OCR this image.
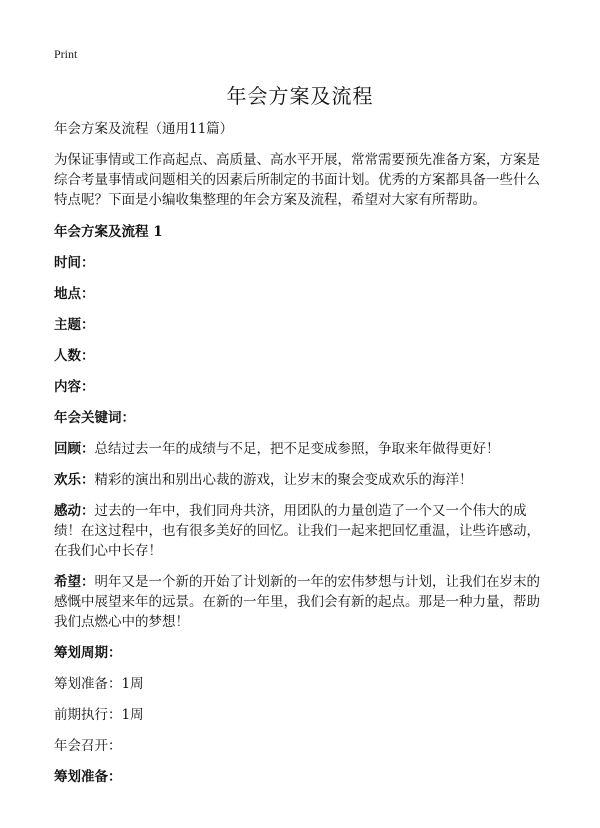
Print
年会方案及流程

年会方案及流程（通用11篇）

为保证事情或工作高起点、高质量、高水平开展，常常需要预先准备方案，方案是综合考量事情或问题相关的因素后所制定的书面计划。优秀的方案都具备一些什么特点呢？下面是小编收集整理的年会方案及流程，希望对大家有所帮助。

年会方案及流程 1

时间：

地点：

主题：

人数：

内容：

年会关键词：

回顾：总结过去一年的成绩与不足，把不足变成参照，争取来年做得更好！

欢乐：精彩的演出和别出心裁的游戏，让岁末的聚会变成欢乐的海洋！

感动：过去的一年中，我们同舟共济，用团队的力量创造了一个又一个伟大的成绩！在这过程中，也有很多美好的回忆。让我们一起来把回忆重温，让些许感动，在我们心中长存！

希望：明年又是一个新的开始了计划新的一年的宏伟梦想与计划，让我们在岁末的感慨中展望来年的远景。在新的一年里，我们会有新的起点。那是一种力量，帮助我们点燃心中的梦想！

筹划周期：

筹划准备：1周

前期执行：1周

年会召开：

筹划准备：
